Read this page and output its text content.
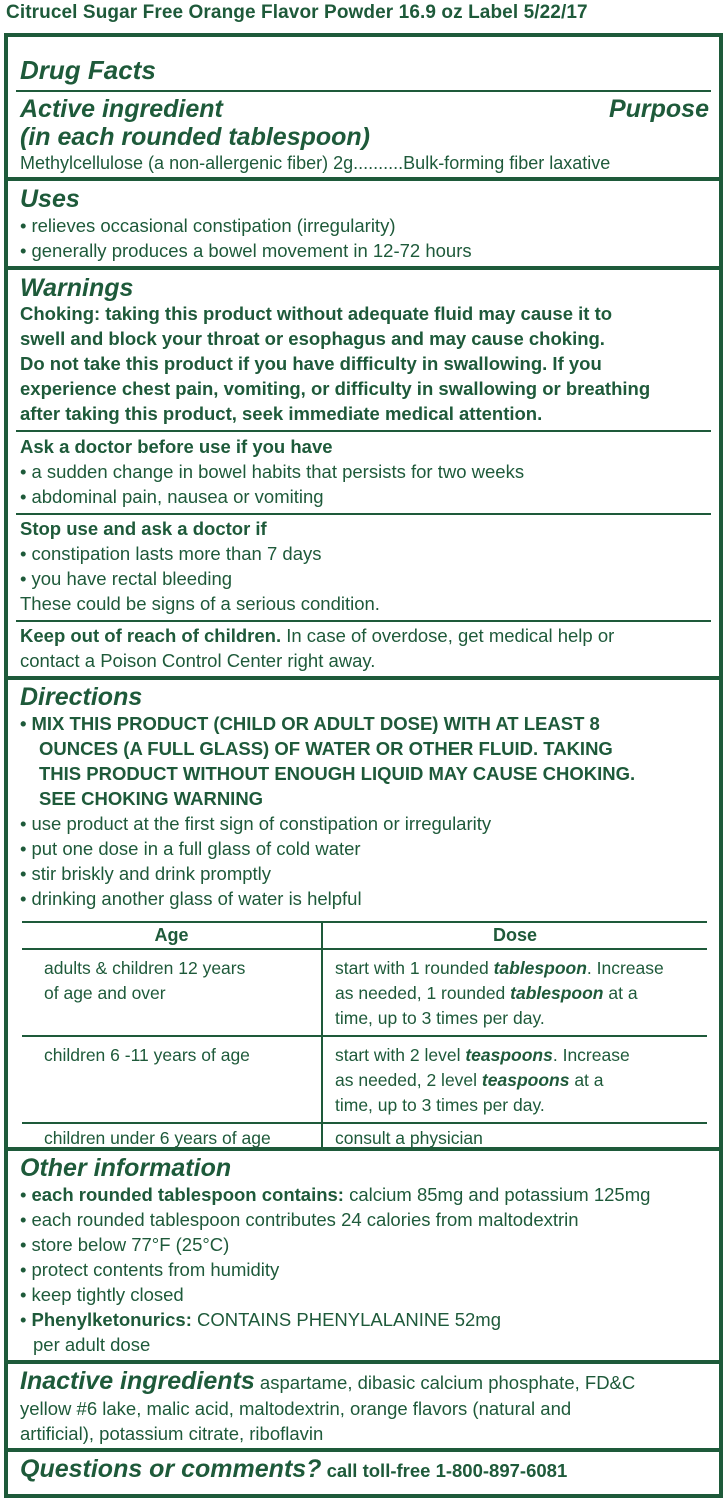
Citrucel Sugar Free Orange Flavor Powder 16.9 oz Label 5/22/17
Drug Facts
Active ingredient	Purpose
(in each rounded tablespoon)
Methylcellulose (a non-allergenic fiber) 2g..........Bulk-forming fiber laxative
Uses
• relieves occasional constipation (irregularity)
• generally produces a bowel movement in 12-72 hours
Warnings
Choking: taking this product without adequate fluid may cause it to
swell and block your throat or esophagus and may cause choking.
Do not take this product if you have difficulty in swallowing. If you
experience chest pain, vomiting, or difficulty in swallowing or breathing
after taking this product, seek immediate medical attention.
Ask a doctor before use if you have
• a sudden change in bowel habits that persists for two weeks
• abdominal pain, nausea or vomiting
Stop use and ask a doctor if
• constipation lasts more than 7 days
• you have rectal bleeding
These could be signs of a serious condition.
Keep out of reach of children. In case of overdose, get medical help or
contact a Poison Control Center right away.
Directions
• MIX THIS PRODUCT (CHILD OR ADULT DOSE) WITH AT LEAST 8
OUNCES (A FULL GLASS) OF WATER OR OTHER FLUID. TAKING
THIS PRODUCT WITHOUT ENOUGH LIQUID MAY CAUSE CHOKING.
SEE CHOKING WARNING
• use product at the first sign of constipation or irregularity
• put one dose in a full glass of cold water
• stir briskly and drink promptly
• drinking another glass of water is helpful
Age	Dose
adults & children 12 years
of age and over	start with 1 rounded tablespoon. Increase
as needed, 1 rounded tablespoon at a
time, up to 3 times per day.
children 6 -11 years of age	start with 2 level teaspoons. Increase
as needed, 2 level teaspoons at a
time, up to 3 times per day.
children under 6 years of age	consult a physician
Other information
• each rounded tablespoon contains: calcium 85mg and potassium 125mg
• each rounded tablespoon contributes 24 calories from maltodextrin
• store below 77°F (25°C)
• protect contents from humidity
• keep tightly closed
• Phenylketonurics: CONTAINS PHENYLALANINE 52mg
per adult dose
Inactive ingredients aspartame, dibasic calcium phosphate, FD&C
yellow #6 lake, malic acid, maltodextrin, orange flavors (natural and
artificial), potassium citrate, riboflavin
Questions or comments? call toll-free 1-800-897-6081
